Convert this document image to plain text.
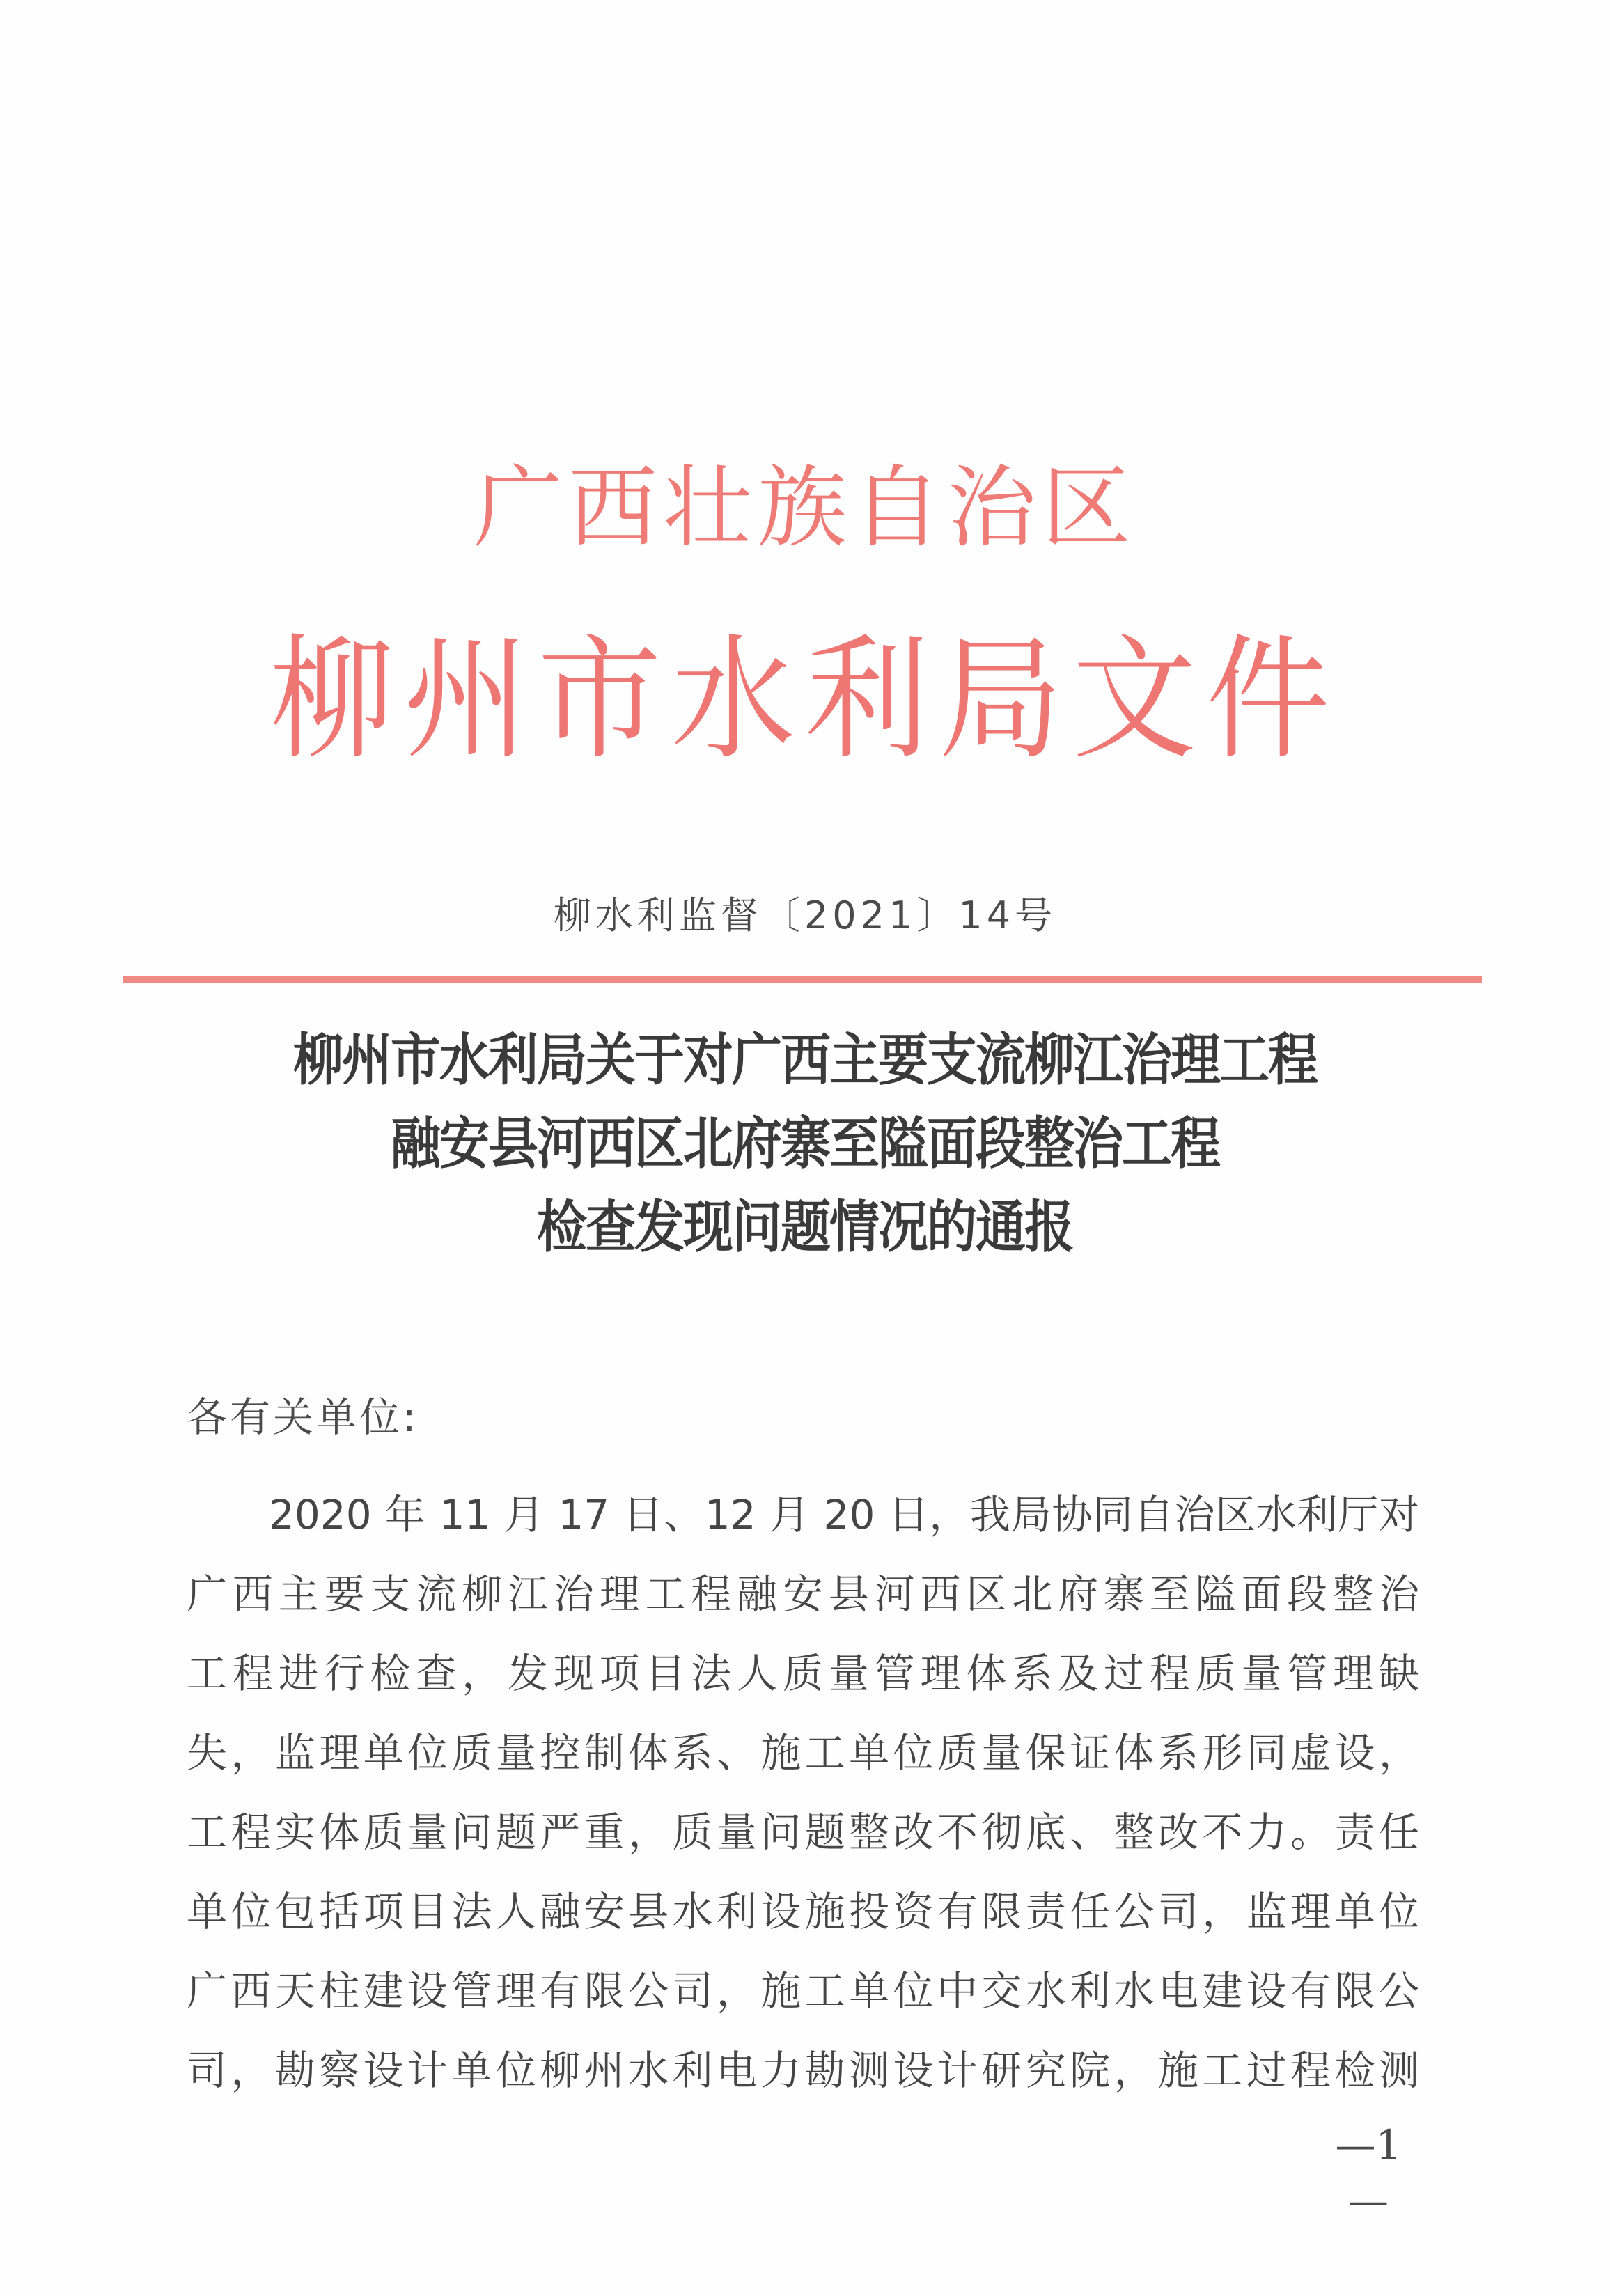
广西壮族自治区
柳州市水利局文件
柳水利监督〔2021〕14号
柳州市水利局关于对广西主要支流柳江治理工程
融安县河西区北府寨至隘面段整治工程
检查发现问题情况的通报
各有关单位:
2020 年 11 月 17 日、12 月 20 日，我局协同自治区水利厅对
广西主要支流柳江治理工程融安县河西区北府寨至隘面段整治
工程进行检查，发现项目法人质量管理体系及过程质量管理缺
失，监理单位质量控制体系、施工单位质量保证体系形同虚设，
工程实体质量问题严重，质量问题整改不彻底、整改不力。责任
单位包括项目法人融安县水利设施投资有限责任公司，监理单位
广西天柱建设管理有限公司，施工单位中交水利水电建设有限公
司，勘察设计单位柳州水利电力勘测设计研究院，施工过程检测
—1—
